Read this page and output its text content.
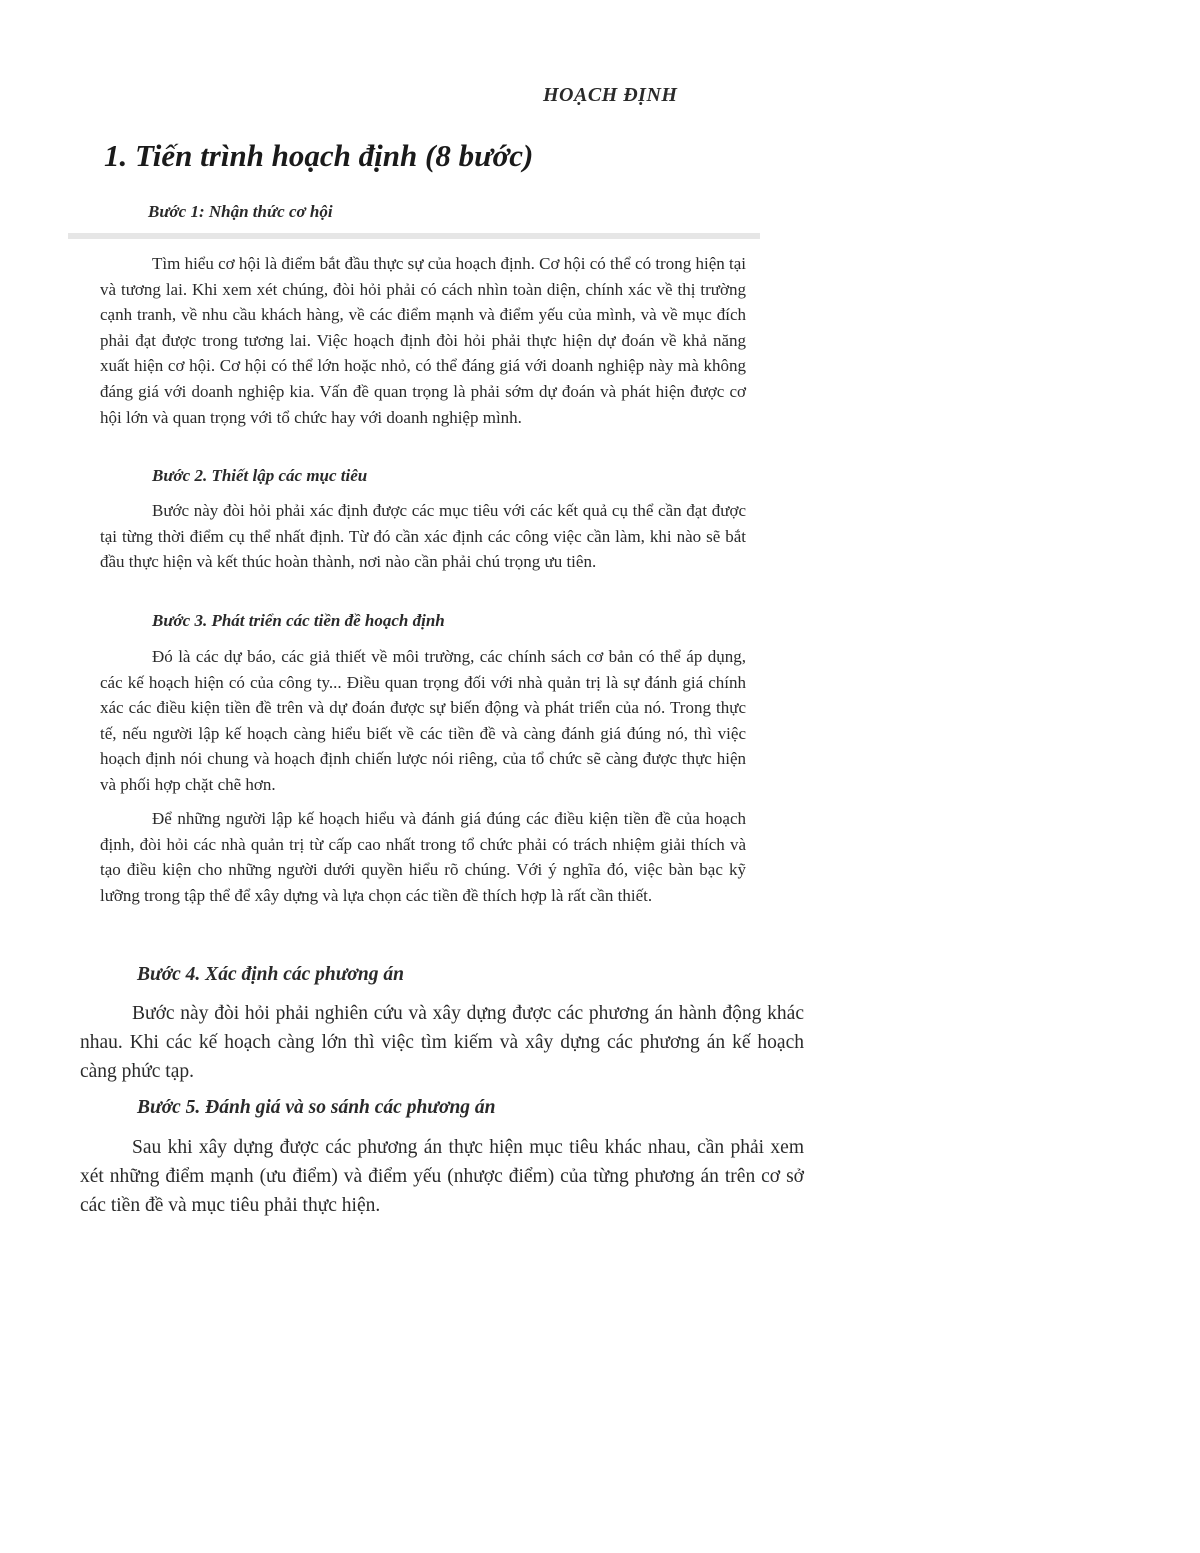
HOẠCH ĐỊNH
1. Tiến trình hoạch định (8 bước)
Bước 1: Nhận thức cơ hội

Tìm hiểu cơ hội là điểm bắt đầu thực sự của hoạch định. Cơ hội có thể có trong hiện tại và tương lai. Khi xem xét chúng, đòi hỏi phải có cách nhìn toàn diện, chính xác về thị trường cạnh tranh, về nhu cầu khách hàng, về các điểm mạnh và điểm yếu của mình, và về mục đích phải đạt được trong tương lai. Việc hoạch định đòi hỏi phải thực hiện dự đoán về khả năng xuất hiện cơ hội. Cơ hội có thể lớn hoặc nhỏ, có thể đáng giá với doanh nghiệp này mà không đáng giá với doanh nghiệp kia. Vấn đề quan trọng là phải sớm dự đoán và phát hiện được cơ hội lớn và quan trọng với tổ chức hay với doanh nghiệp mình.

Bước 2. Thiết lập các mục tiêu

Bước này đòi hỏi phải xác định được các mục tiêu với các kết quả cụ thể cần đạt được tại từng thời điểm cụ thể nhất định. Từ đó cần xác định các công việc cần làm, khi nào sẽ bắt đầu thực hiện và kết thúc hoàn thành, nơi nào cần phải chú trọng ưu tiên.

Bước 3. Phát triển các tiền đề hoạch định

Đó là các dự báo, các giả thiết về môi trường, các chính sách cơ bản có thể áp dụng, các kế hoạch hiện có của công ty... Điều quan trọng đối với nhà quản trị là sự đánh giá chính xác các điều kiện tiền đề trên và dự đoán được sự biến động và phát triển của nó. Trong thực tế, nếu người lập kế hoạch càng hiểu biết về các tiền đề và càng đánh giá đúng nó, thì việc hoạch định nói chung và hoạch định chiến lược nói riêng, của tổ chức sẽ càng được thực hiện và phối hợp chặt chẽ hơn.

Để những người lập kế hoạch hiểu và đánh giá đúng các điều kiện tiền đề của hoạch định, đòi hỏi các nhà quản trị từ cấp cao nhất trong tổ chức phải có trách nhiệm giải thích và tạo điều kiện cho những người dưới quyền hiểu rõ chúng. Với ý nghĩa đó, việc bàn bạc kỹ lưỡng trong tập thể để xây dựng và lựa chọn các tiền đề thích hợp là rất cần thiết.

Bước 4. Xác định các phương án

Bước này đòi hỏi phải nghiên cứu và xây dựng được các phương án hành động khác nhau. Khi các kế hoạch càng lớn thì việc tìm kiếm và xây dựng các phương án kế hoạch càng phức tạp.

Bước 5. Đánh giá và so sánh các phương án

Sau khi xây dựng được các phương án thực hiện mục tiêu khác nhau, cần phải xem xét những điểm mạnh (ưu điểm) và điểm yếu (nhược điểm) của từng phương án trên cơ sở các tiền đề và mục tiêu phải thực hiện.
